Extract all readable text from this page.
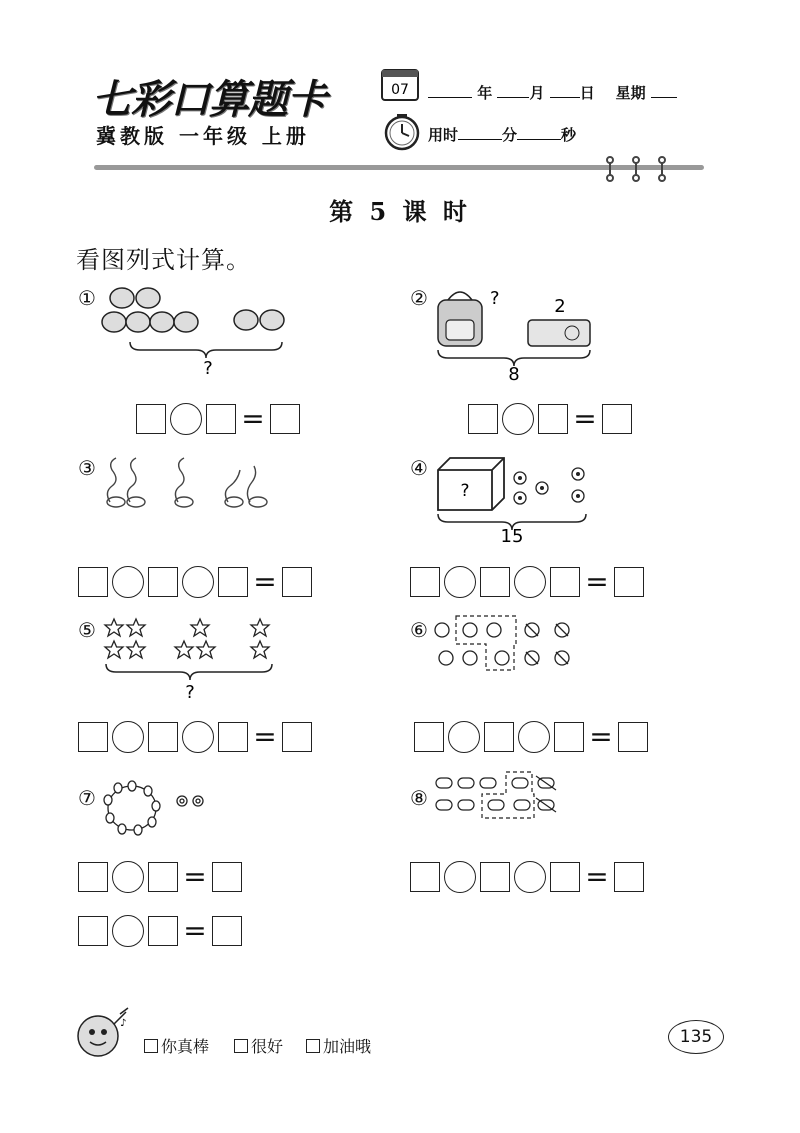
七彩口算题卡
冀教版 一年级 上册
07	年 月 日 星期
用时	分	秒
第 5 课 时
看图列式计算。
①
?
=
②	?	2
8
=
③
=
④
?
15
=
⑤
?
=
⑥
=
⑦
=
=
⑧
=
♪
你真棒	很好	加油哦	135
